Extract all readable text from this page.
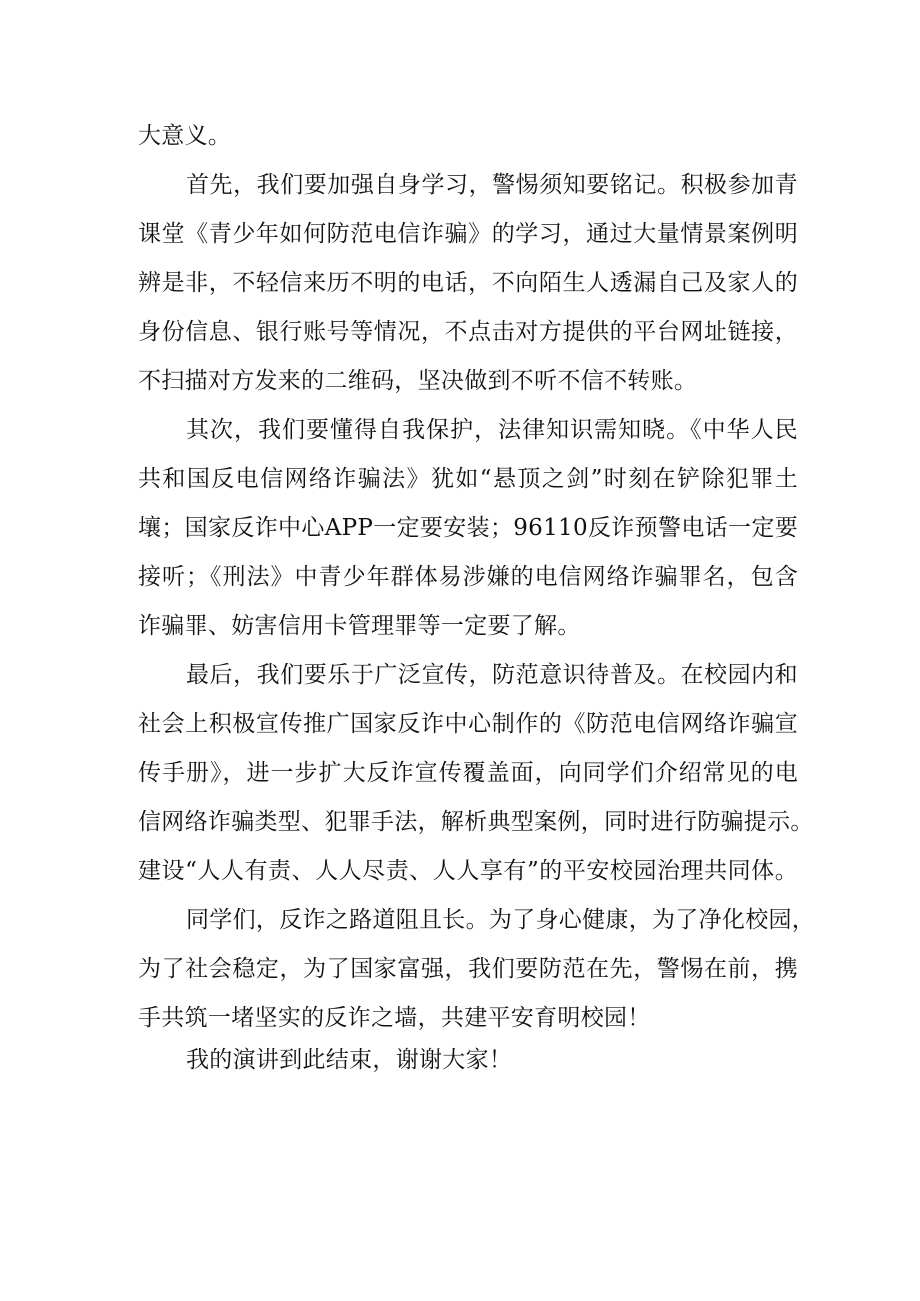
大意义。
首先，我们要加强自身学习，警惕须知要铭记。积极参加青
课堂《青少年如何防范电信诈骗》的学习，通过大量情景案例明
辨是非，不轻信来历不明的电话，不向陌生人透漏自己及家人的
身份信息、银行账号等情况，不点击对方提供的平台网址链接，
不扫描对方发来的二维码，坚决做到不听不信不转账。
其次，我们要懂得自我保护，法律知识需知晓。《中华人民
共和国反电信网络诈骗法》犹如“悬顶之剑”时刻在铲除犯罪土
壤；国家反诈中心APP一定要安装；96110反诈预警电话一定要
接听；《刑法》中青少年群体易涉嫌的电信网络诈骗罪名，包含
诈骗罪、妨害信用卡管理罪等一定要了解。
最后，我们要乐于广泛宣传，防范意识待普及。在校园内和
社会上积极宣传推广国家反诈中心制作的《防范电信网络诈骗宣
传手册》，进一步扩大反诈宣传覆盖面，向同学们介绍常见的电
信网络诈骗类型、犯罪手法，解析典型案例，同时进行防骗提示。
建设“人人有责、人人尽责、人人享有”的平安校园治理共同体。
同学们，反诈之路道阻且长。为了身心健康，为了净化校园，
为了社会稳定，为了国家富强，我们要防范在先，警惕在前，携
手共筑一堵坚实的反诈之墙，共建平安育明校园！
我的演讲到此结束，谢谢大家！
